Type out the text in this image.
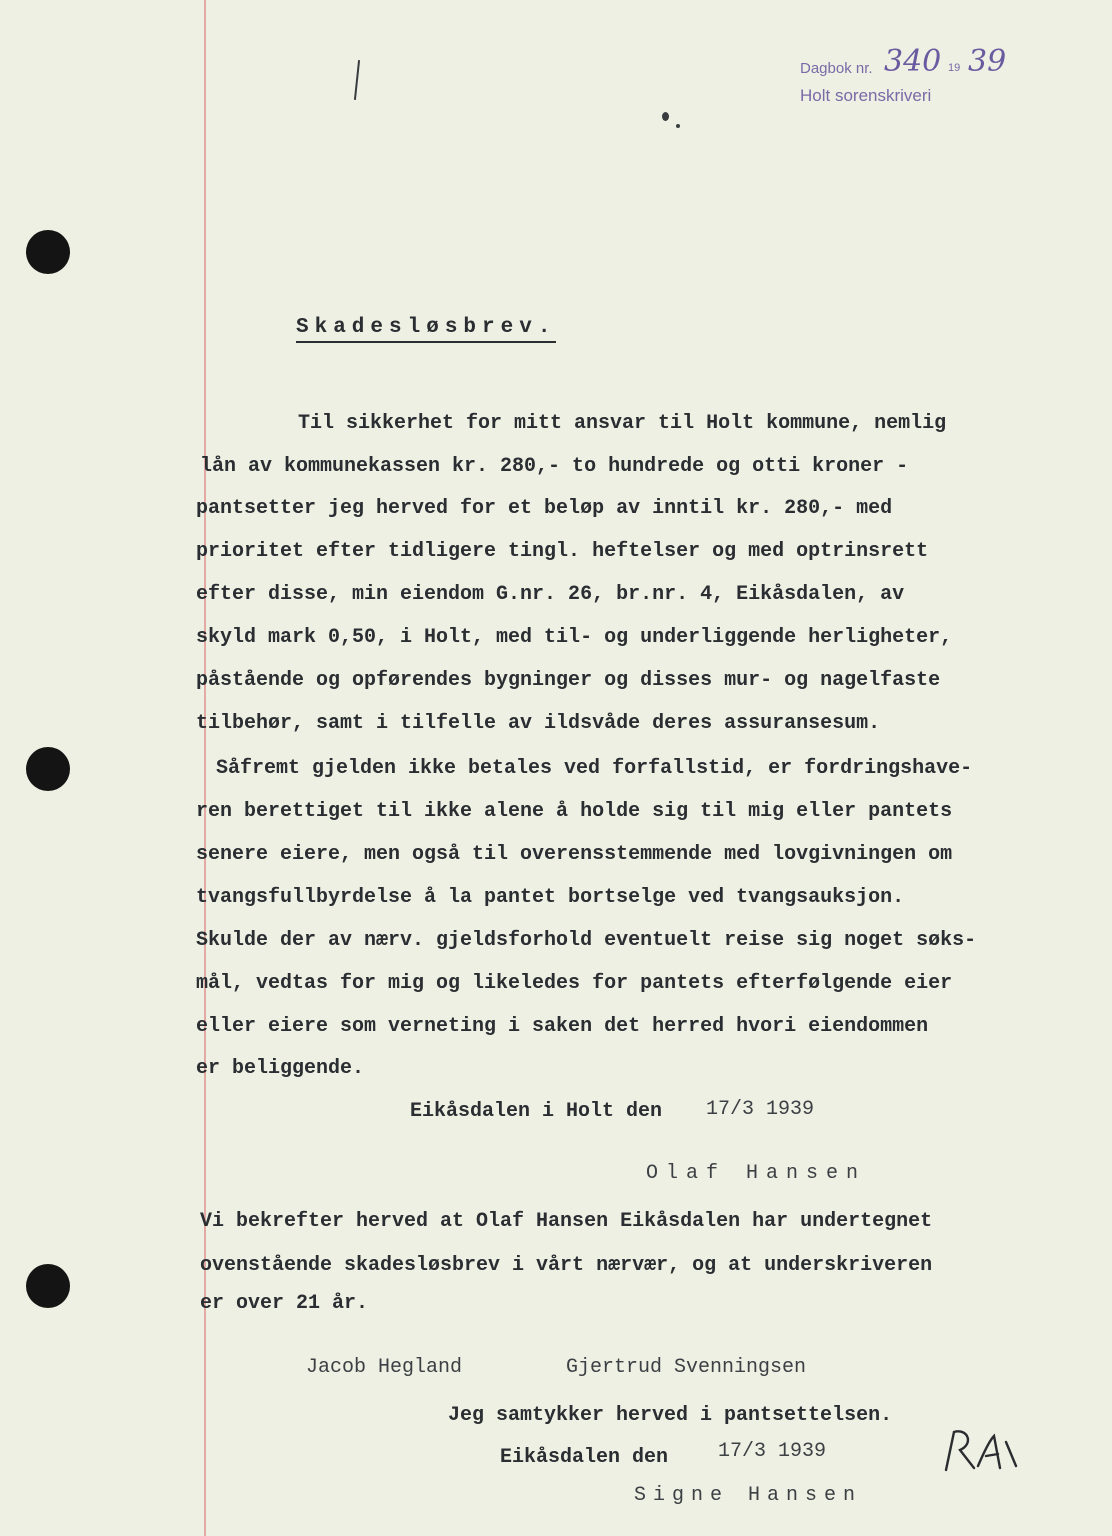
Dagbok nr. 340 19 39
Holt sorenskriveri
Skadesløsbrev.
Til sikkerhet for mitt ansvar til Holt kommune, nemlig
lån av kommunekassen kr. 280,- to hundrede og otti kroner -
pantsetter jeg herved for et beløp av inntil kr. 280,- med
prioritet efter tidligere tingl. heftelser og med optrinsrett
efter disse, min eiendom G.nr. 26, br.nr. 4, Eikåsdalen, av
skyld mark 0,50, i Holt, med til- og underliggende herligheter,
påstående og opførendes bygninger og disses mur- og nagelfaste
tilbehør, samt i tilfelle av ildsvåde deres assuransesum.
Såfremt gjelden ikke betales ved forfallstid, er fordringshave-
ren berettiget til ikke alene å holde sig til mig eller pantets
senere eiere, men også til overensstemmende med lovgivningen om
tvangsfullbyrdelse å la pantet bortselge ved tvangsauksjon.
Skulde der av nærv. gjeldsforhold eventuelt reise sig noget søks-
mål, vedtas for mig og likeledes for pantets efterfølgende eier
eller eiere som verneting i saken det herred hvori eiendommen
er beliggende.
Eikåsdalen i Holt den 17/3 1939
Olaf Hansen
Vi bekrefter herved at Olaf Hansen Eikåsdalen har undertegnet
ovenstående skadesløsbrev i vårt nærvær, og at underskriveren
er over 21 år.
Jacob Hegland	Gjertrud Svenningsen
Jeg samtykker herved i pantsettelsen.
Eikåsdalen den 17/3 1939
Signe Hansen
